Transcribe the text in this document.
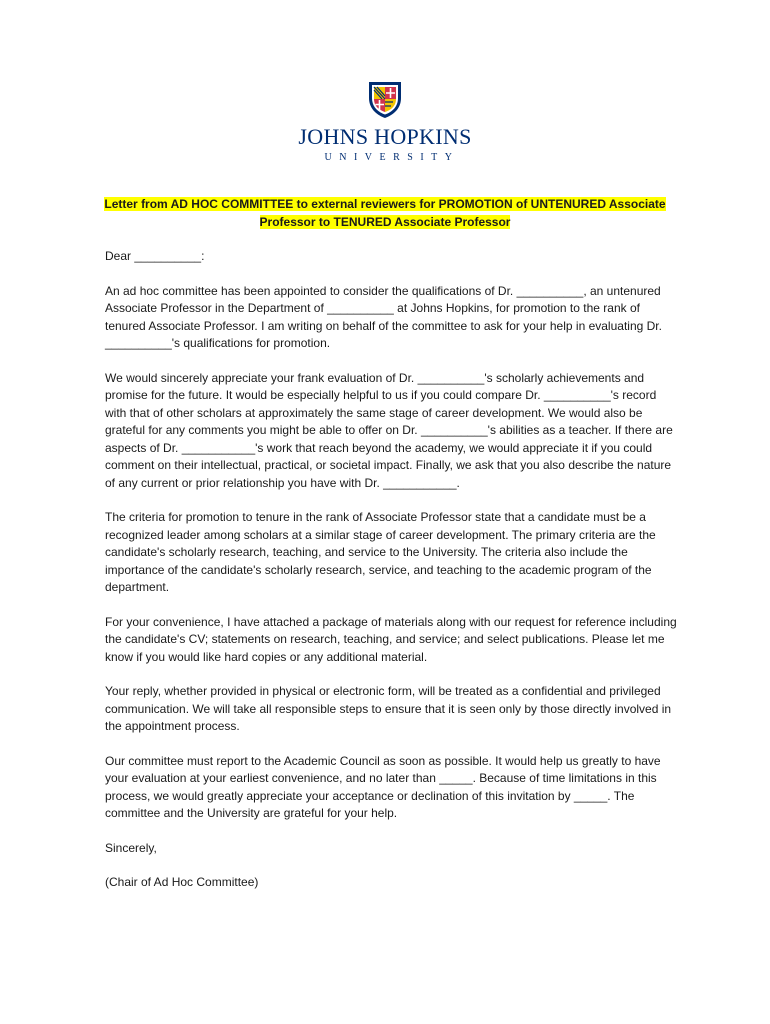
JOHNS HOPKINS
UNIVERSITY
Letter from AD HOC COMMITTEE to external reviewers for PROMOTION of UNTENURED Associate Professor to TENURED Associate Professor

Dear __________:

An ad hoc committee has been appointed to consider the qualifications of Dr. __________, an untenured Associate Professor in the Department of __________ at Johns Hopkins, for promotion to the rank of tenured Associate Professor. I am writing on behalf of the committee to ask for your help in evaluating Dr. __________'s qualifications for promotion.

We would sincerely appreciate your frank evaluation of Dr. __________'s scholarly achievements and promise for the future. It would be especially helpful to us if you could compare Dr. __________'s record with that of other scholars at approximately the same stage of career development. We would also be grateful for any comments you might be able to offer on Dr. __________'s abilities as a teacher. If there are aspects of Dr. ___________'s work that reach beyond the academy, we would appreciate it if you could comment on their intellectual, practical, or societal impact. Finally, we ask that you also describe the nature of any current or prior relationship you have with Dr. ___________.

The criteria for promotion to tenure in the rank of Associate Professor state that a candidate must be a recognized leader among scholars at a similar stage of career development. The primary criteria are the candidate's scholarly research, teaching, and service to the University. The criteria also include the importance of the candidate's scholarly research, service, and teaching to the academic program of the department.

For your convenience, I have attached a package of materials along with our request for reference including the candidate's CV; statements on research, teaching, and service; and select publications. Please let me know if you would like hard copies or any additional material.

Your reply, whether provided in physical or electronic form, will be treated as a confidential and privileged communication. We will take all responsible steps to ensure that it is seen only by those directly involved in the appointment process.

Our committee must report to the Academic Council as soon as possible. It would help us greatly to have your evaluation at your earliest convenience, and no later than _____. Because of time limitations in this process, we would greatly appreciate your acceptance or declination of this invitation by _____. The committee and the University are grateful for your help.

Sincerely,

(Chair of Ad Hoc Committee)
